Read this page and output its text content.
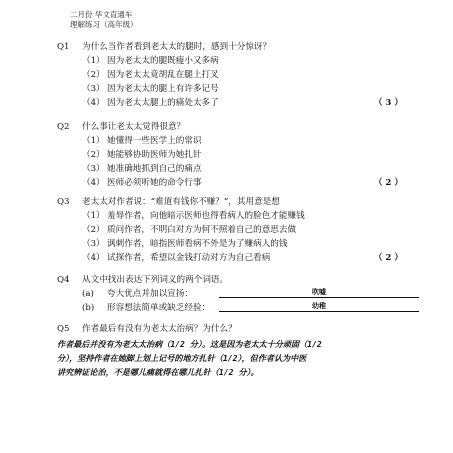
二月份 华文直通车
理解练习（高年级）
Q1	为什么当作者看到老太太的腿时，感到十分惊讶？
（1） 因为老太太的腿既瘦小又多病
（2） 因为老太太竟胡乱在腿上打叉
（3） 因为老太太的腿上有许多记号
（4） 因为老太太腿上的痛处太多了	（ 3 ）
Q2	什么事让老太太觉得很意？
（1） 她懂得一些医学上的常识
（2） 她能够协助医师为她扎针
（3） 她准确地抓到自己的痛点
（4） 医师必须听她的命令行事	（ 2 ）
Q3	老太太对作者说：“难道有钱你不赚？”，其用意是想
（1） 羞辱作者，向他暗示医师也得看病人的脸色才能赚钱
（2） 质问作者，不明白对方为何不照着自己的意思去做
（3） 讽刺作者，暗指医师看病不外是为了赚病人的钱
（4） 试探作者，希望以金钱打动对方为自己看病	（ 2 ）
Q4	从文中找出表达下列词义的两个词语。
(a) 夸大优点并加以宣扬：	吹嘘
(b) 形容想法简单或缺乏经验：	幼稚
Q5	作者最后有没有为老太太治病？为什么？
作者最后并没有为老太太治病（1/2 分）。这是因为老太太十分顽固（1/2
分），坚持作者在她脚上划上记号的地方扎针（1/2），但作者认为中医
讲究辨证论治，不是哪儿痛就得在哪儿扎针（1/2 分）。
